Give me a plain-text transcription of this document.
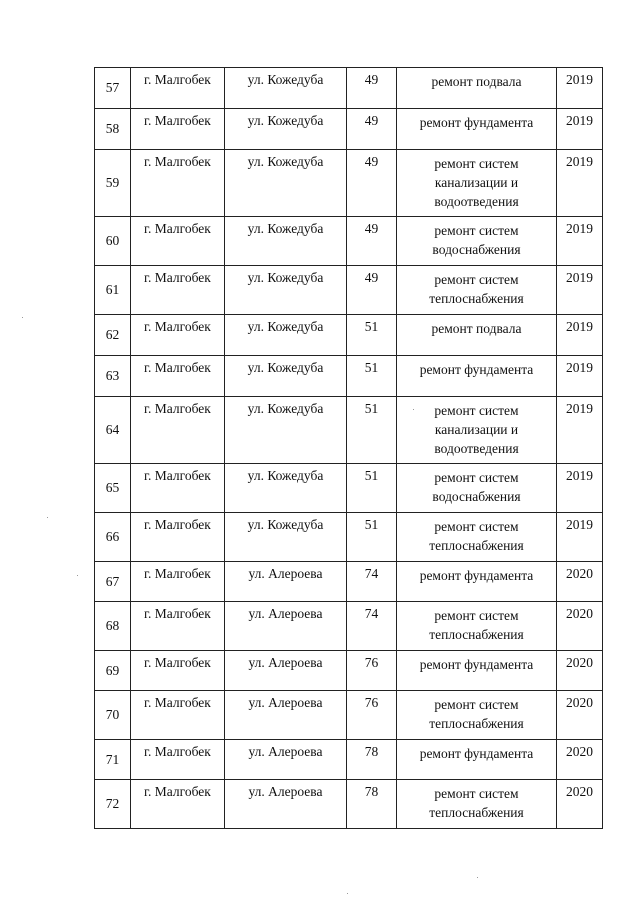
57	г. Малгобек	ул. Кожедуба	49	ремонт подвала	2019
58	г. Малгобек	ул. Кожедуба	49	ремонт фундамента	2019
59	г. Малгобек	ул. Кожедуба	49	ремонт систем канализации и водоотведения	2019
60	г. Малгобек	ул. Кожедуба	49	ремонт систем водоснабжения	2019
61	г. Малгобек	ул. Кожедуба	49	ремонт систем теплоснабжения	2019
62	г. Малгобек	ул. Кожедуба	51	ремонт подвала	2019
63	г. Малгобек	ул. Кожедуба	51	ремонт фундамента	2019
64	г. Малгобек	ул. Кожедуба	51	ремонт систем канализации и водоотведения	2019
65	г. Малгобек	ул. Кожедуба	51	ремонт систем водоснабжения	2019
66	г. Малгобек	ул. Кожедуба	51	ремонт систем теплоснабжения	2019
67	г. Малгобек	ул. Алероева	74	ремонт фундамента	2020
68	г. Малгобек	ул. Алероева	74	ремонт систем теплоснабжения	2020
69	г. Малгобек	ул. Алероева	76	ремонт фундамента	2020
70	г. Малгобек	ул. Алероева	76	ремонт систем теплоснабжения	2020
71	г. Малгобек	ул. Алероева	78	ремонт фундамента	2020
72	г. Малгобек	ул. Алероева	78	ремонт систем теплоснабжения	2020
